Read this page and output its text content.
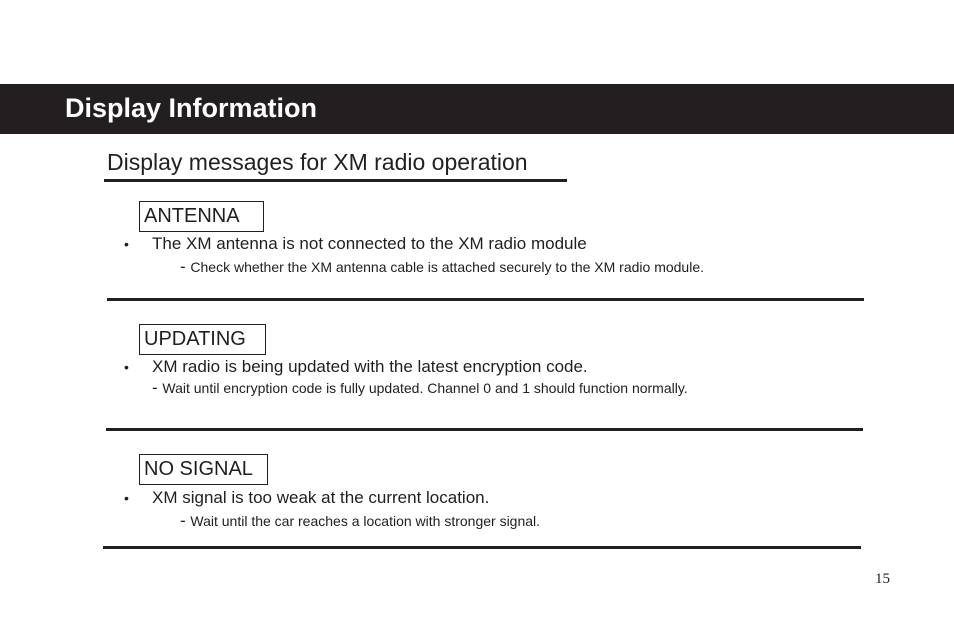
Display Information
Display messages for XM radio operation
ANTENNA
• The XM antenna is not connected to the XM radio module
- Check whether the XM antenna cable is attached securely to the XM radio module.
UPDATING
• XM radio is being updated with the latest encryption code.
- Wait until encryption code is fully updated. Channel 0 and 1 should function normally.
NO SIGNAL
• XM signal is too weak at the current location.
- Wait until the car reaches a location with stronger signal.
15
